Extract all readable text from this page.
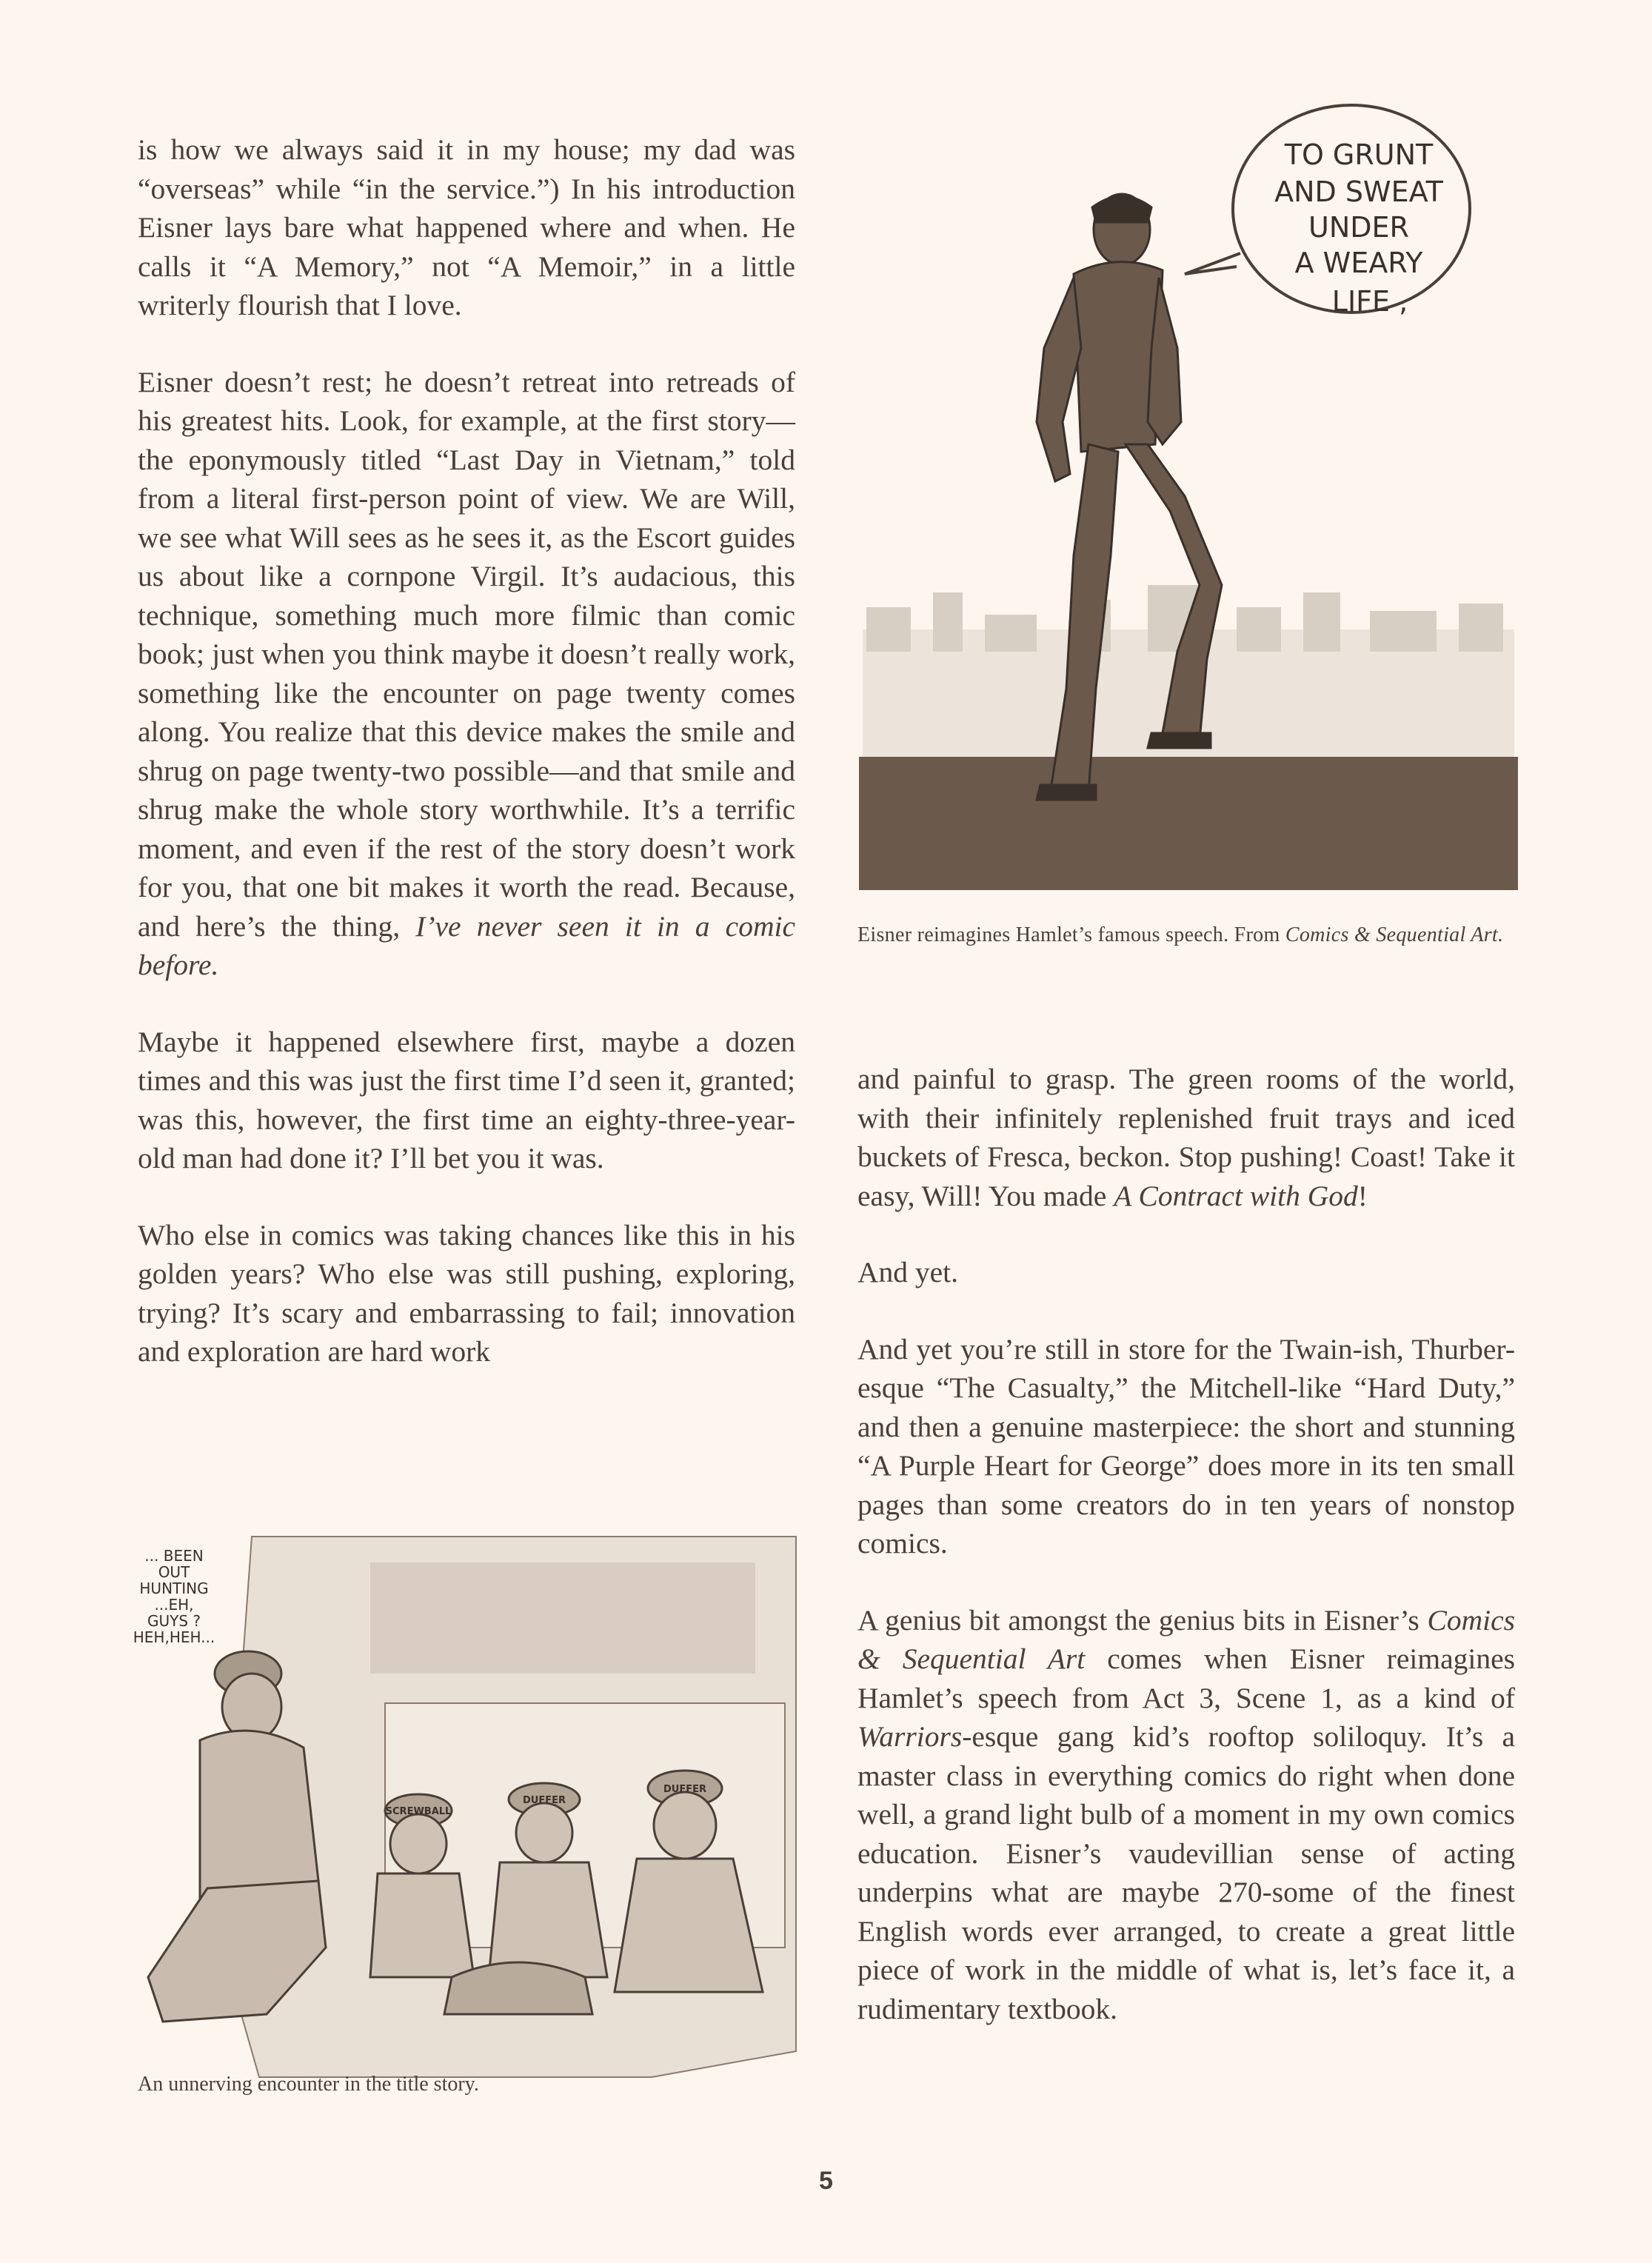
is how we always said it in my house; my dad was “overseas” while “in the service.”) In his introduction Eisner lays bare what happened where and when. He calls it “A Memory,” not “A Memoir,” in a little writerly flourish that I love.

Eisner doesn’t rest; he doesn’t retreat into retreads of his greatest hits. Look, for example, at the first story—the eponymously titled “Last Day in Vietnam,” told from a literal first-person point of view. We are Will, we see what Will sees as he sees it, as the Escort guides us about like a cornpone Virgil. It’s audacious, this technique, something much more filmic than comic book; just when you think maybe it doesn’t really work, something like the encounter on page twenty comes along. You realize that this device makes the smile and shrug on page twenty-two possible—and that smile and shrug make the whole story worthwhile. It’s a terrific moment, and even if the rest of the story doesn’t work for you, that one bit makes it worth the read. Because, and here’s the thing, I’ve never seen it in a comic before.

Maybe it happened elsewhere first, maybe a dozen times and this was just the first time I’d seen it, granted; was this, however, the first time an eighty-three-year-old man had done it? I’ll bet you it was.

Who else in comics was taking chances like this in his golden years? Who else was still pushing, exploring, trying? It’s scary and embarrassing to fail; innovation and exploration are hard work

and painful to grasp. The green rooms of the world, with their infinitely replenished fruit trays and iced buckets of Fresca, beckon. Stop pushing! Coast! Take it easy, Will! You made A Contract with God!

And yet.

And yet you’re still in store for the Twain-ish, Thurber-esque “The Casualty,” the Mitchell-like “Hard Duty,” and then a genuine masterpiece: the short and stunning “A Purple Heart for George” does more in its ten small pages than some creators do in ten years of nonstop comics.

A genius bit amongst the genius bits in Eisner’s Comics & Sequential Art comes when Eisner reimagines Hamlet’s speech from Act 3, Scene 1, as a kind of Warriors-esque gang kid’s rooftop soliloquy. It’s a master class in everything comics do right when done well, a grand light bulb of a moment in my own comics education. Eisner’s vaudevillian sense of acting underpins what are maybe 270-some of the finest English words ever arranged, to create a great little piece of work in the middle of what is, let’s face it, a rudimentary textbook.

TO GRUNT
AND SWEAT
UNDER
A WEARY
LIFE ,
Eisner reimagines Hamlet’s famous speech. From Comics & Sequential Art.
... BEEN
OUT
HUNTING
...EH,
GUYS ?
HEH,HEH...
SCREWBALL
DUFFER
DUFFER
An unnerving encounter in the title story.
5
